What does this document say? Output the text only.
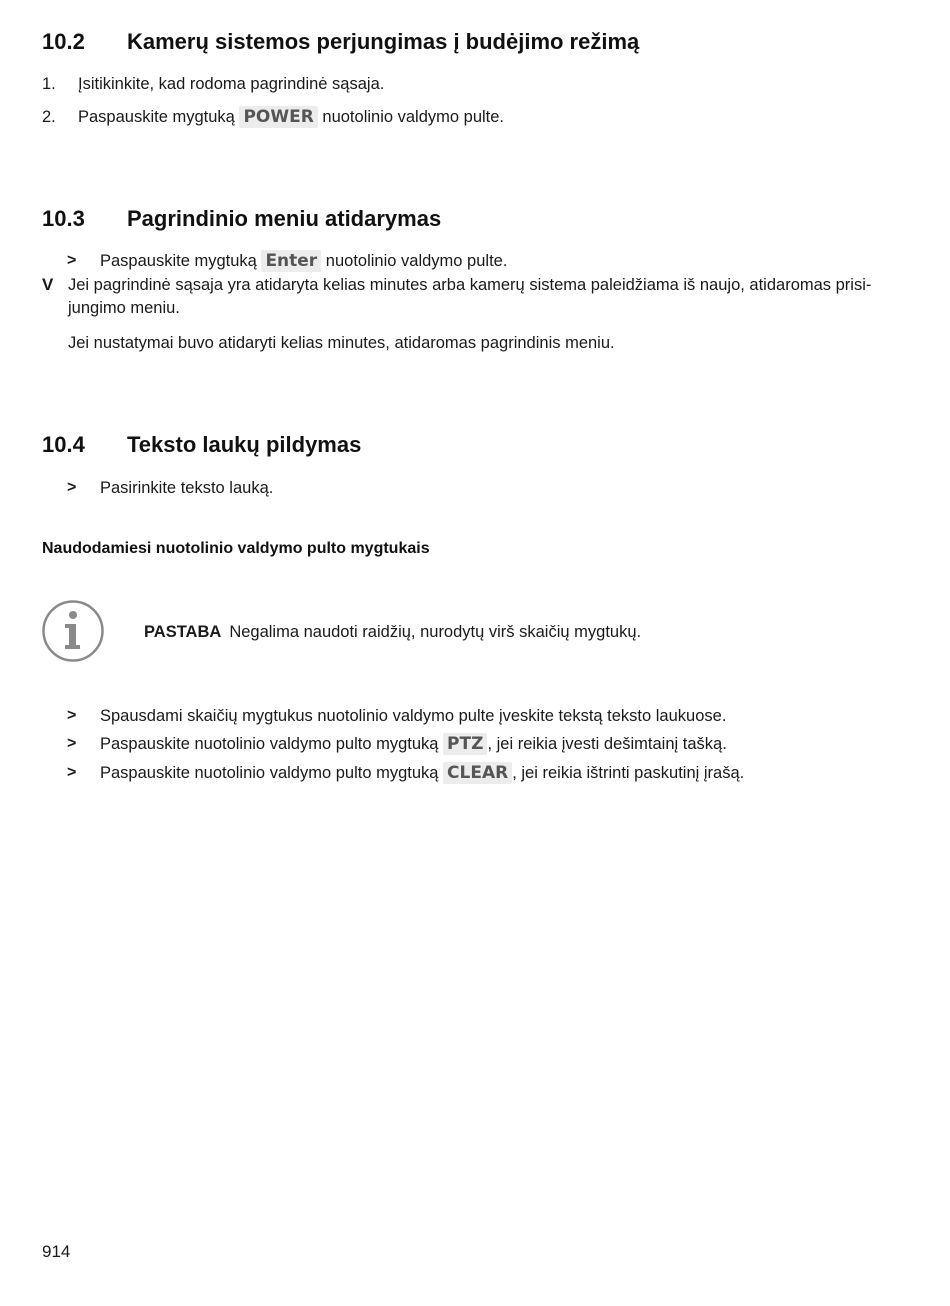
10.2 Kamerų sistemos perjungimas į budėjimo režimą
1. Įsitikinkite, kad rodoma pagrindinė sąsaja.
2. Paspauskite mygtuką POWER nuotolinio valdymo pulte.
10.3 Pagrindinio meniu atidarymas
> Paspauskite mygtuką Enter nuotolinio valdymo pulte.
V Jei pagrindinė sąsaja yra atidaryta kelias minutes arba kamerų sistema paleidžiama iš naujo, atidaromas prisi-
jungimo meniu.
Jei nustatymai buvo atidaryti kelias minutes, atidaromas pagrindinis meniu.
10.4 Teksto laukų pildymas
> Pasirinkite teksto lauką.
Naudodamiesi nuotolinio valdymo pulto mygtukais
PASTABA Negalima naudoti raidžių, nurodytų virš skaičių mygtukų.
> Spausdami skaičių mygtukus nuotolinio valdymo pulte įveskite tekstą teksto laukuose.
> Paspauskite nuotolinio valdymo pulto mygtuką PTZ , jei reikia įvesti dešimtainį tašką.
> Paspauskite nuotolinio valdymo pulto mygtuką CLEAR , jei reikia ištrinti paskutinį įrašą.
914
